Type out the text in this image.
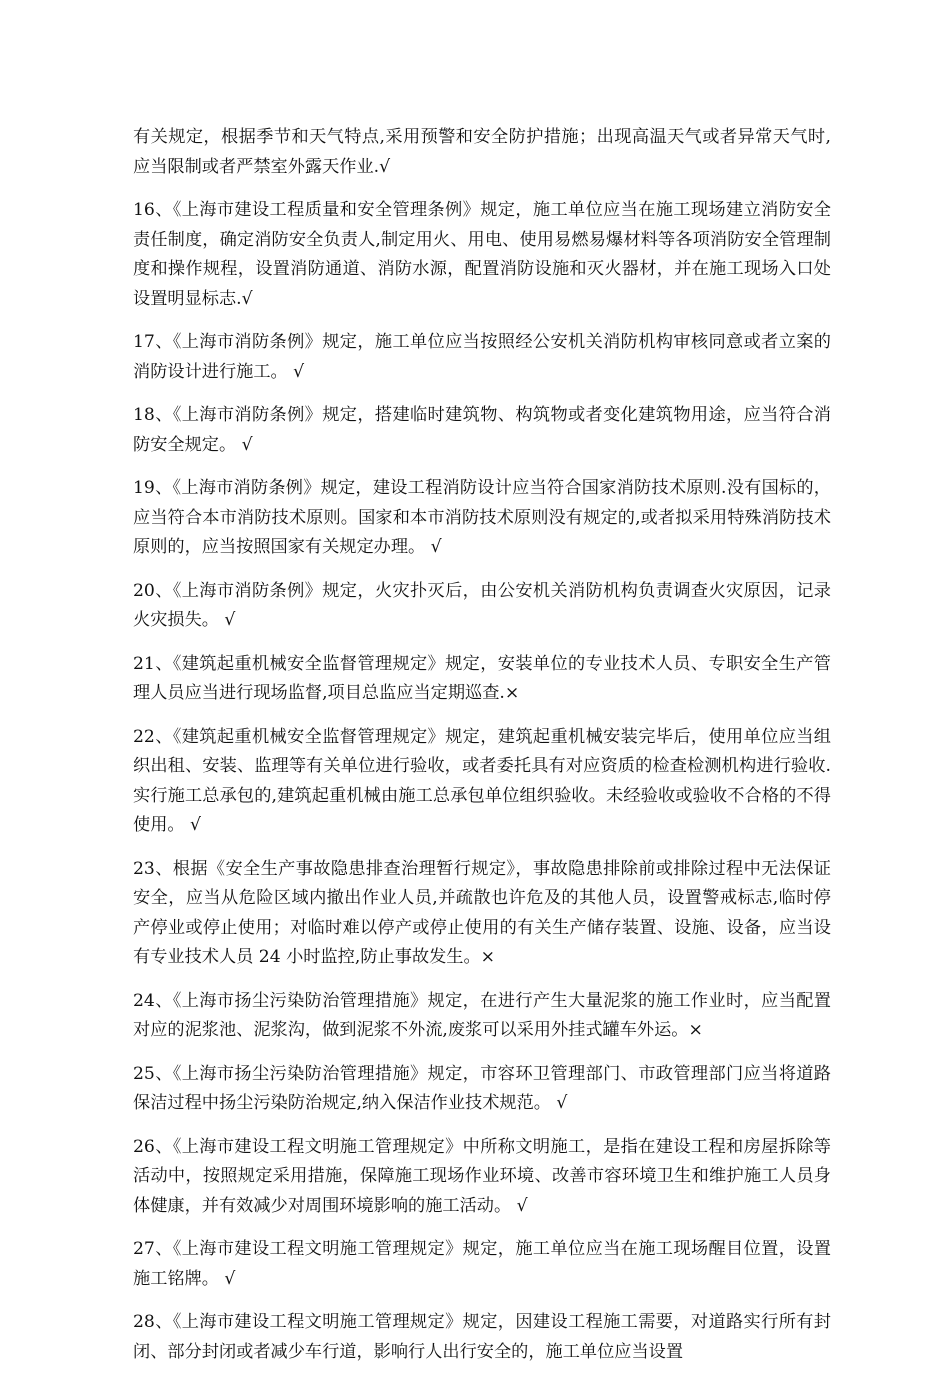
有关规定，根据季节和天气特点,采用预警和安全防护措施；出现高温天气或者异常天气时,应当限制或者严禁室外露天作业.√

16、《上海市建设工程质量和安全管理条例》规定，施工单位应当在施工现场建立消防安全责任制度，确定消防安全负责人,制定用火、用电、使用易燃易爆材料等各项消防安全管理制度和操作规程，设置消防通道、消防水源，配置消防设施和灭火器材，并在施工现场入口处设置明显标志.√

17、《上海市消防条例》规定，施工单位应当按照经公安机关消防机构审核同意或者立案的消防设计进行施工。 √

18、《上海市消防条例》规定，搭建临时建筑物、构筑物或者变化建筑物用途，应当符合消防安全规定。 √

19、《上海市消防条例》规定，建设工程消防设计应当符合国家消防技术原则.没有国标的，应当符合本市消防技术原则。国家和本市消防技术原则没有规定的,或者拟采用特殊消防技术原则的，应当按照国家有关规定办理。 √

20、《上海市消防条例》规定，火灾扑灭后，由公安机关消防机构负责调查火灾原因，记录火灾损失。 √

21、《建筑起重机械安全监督管理规定》规定，安装单位的专业技术人员、专职安全生产管理人员应当进行现场监督,项目总监应当定期巡查.×

22、《建筑起重机械安全监督管理规定》规定，建筑起重机械安装完毕后，使用单位应当组织出租、安装、监理等有关单位进行验收，或者委托具有对应资质的检查检测机构进行验收.实行施工总承包的,建筑起重机械由施工总承包单位组织验收。未经验收或验收不合格的不得使用。 √

23、根据《安全生产事故隐患排查治理暂行规定》，事故隐患排除前或排除过程中无法保证安全，应当从危险区域内撤出作业人员,并疏散也许危及的其他人员，设置警戒标志,临时停产停业或停止使用；对临时难以停产或停止使用的有关生产储存装置、设施、设备，应当设有专业技术人员 24 小时监控,防止事故发生。×

24、《上海市扬尘污染防治管理措施》规定，在进行产生大量泥浆的施工作业时，应当配置对应的泥浆池、泥浆沟，做到泥浆不外流,废浆可以采用外挂式罐车外运。×

25、《上海市扬尘污染防治管理措施》规定，市容环卫管理部门、市政管理部门应当将道路保洁过程中扬尘污染防治规定,纳入保洁作业技术规范。 √

26、《上海市建设工程文明施工管理规定》中所称文明施工，是指在建设工程和房屋拆除等活动中，按照规定采用措施，保障施工现场作业环境、改善市容环境卫生和维护施工人员身体健康，并有效减少对周围环境影响的施工活动。 √

27、《上海市建设工程文明施工管理规定》规定，施工单位应当在施工现场醒目位置，设置施工铭牌。 √

28、《上海市建设工程文明施工管理规定》规定，因建设工程施工需要，对道路实行所有封闭、部分封闭或者减少车行道，影响行人出行安全的，施工单位应当设置
